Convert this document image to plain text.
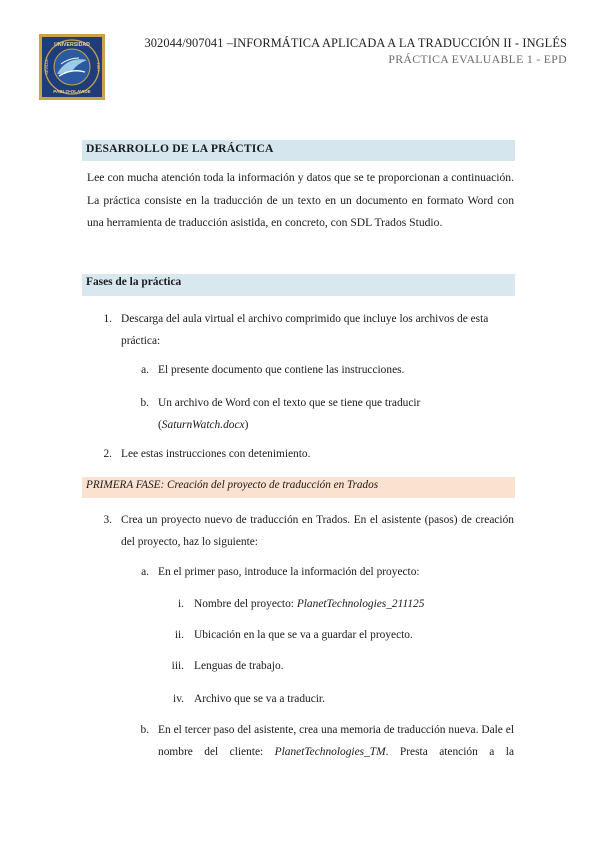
UNIVERSIDAD
PABLO•OLAVIDE
SEVILLA	1997
302044/907041 –INFORMÁTICA APLICADA A LA TRADUCCIÓN II - INGLÉS
PRÁCTICA EVALUABLE 1 - EPD
DESARROLLO DE LA PRÁCTICA

Lee con mucha atención toda la información y datos que se te proporcionan a continuación. La práctica consiste en la traducción de un texto en un documento en formato Word con una herramienta de traducción asistida, en concreto, con SDL Trados Studio.

Fases de la práctica
1. Descarga del aula virtual el archivo comprimido que incluye los archivos de esta práctica:

a. El presente documento que contiene las instrucciones.

b. Un archivo de Word con el texto que se tiene que traducir (SaturnWatch.docx)

2. Lee estas instrucciones con detenimiento.

PRIMERA FASE: Creación del proyecto de traducción en Trados
3. Crea un proyecto nuevo de traducción en Trados. En el asistente (pasos) de creación del proyecto, haz lo siguiente:

a. En el primer paso, introduce la información del proyecto:

i. Nombre del proyecto: PlanetTechnologies_211125

ii. Ubicación en la que se va a guardar el proyecto.

iii. Lenguas de trabajo.

iv. Archivo que se va a traducir.

b. En el tercer paso del asistente, crea una memoria de traducción nueva. Dale el nombre del cliente: PlanetTechnologies_TM. Presta atención a la
